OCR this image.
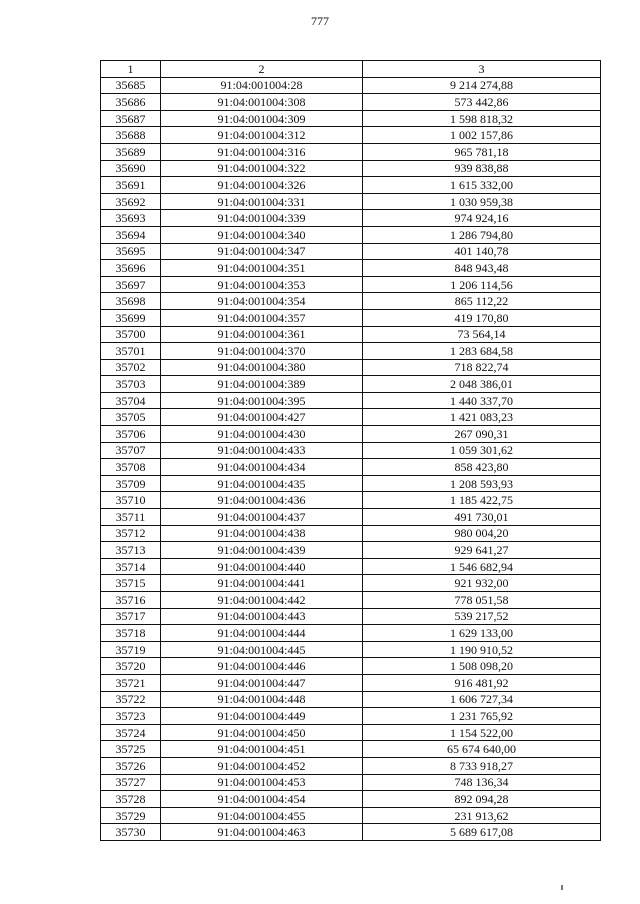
777
1	2	3
35685	91:04:001004:28	9 214 274,88
35686	91:04:001004:308	573 442,86
35687	91:04:001004:309	1 598 818,32
35688	91:04:001004:312	1 002 157,86
35689	91:04:001004:316	965 781,18
35690	91:04:001004:322	939 838,88
35691	91:04:001004:326	1 615 332,00
35692	91:04:001004:331	1 030 959,38
35693	91:04:001004:339	974 924,16
35694	91:04:001004:340	1 286 794,80
35695	91:04:001004:347	401 140,78
35696	91:04:001004:351	848 943,48
35697	91:04:001004:353	1 206 114,56
35698	91:04:001004:354	865 112,22
35699	91:04:001004:357	419 170,80
35700	91:04:001004:361	73 564,14
35701	91:04:001004:370	1 283 684,58
35702	91:04:001004:380	718 822,74
35703	91:04:001004:389	2 048 386,01
35704	91:04:001004:395	1 440 337,70
35705	91:04:001004:427	1 421 083,23
35706	91:04:001004:430	267 090,31
35707	91:04:001004:433	1 059 301,62
35708	91:04:001004:434	858 423,80
35709	91:04:001004:435	1 208 593,93
35710	91:04:001004:436	1 185 422,75
35711	91:04:001004:437	491 730,01
35712	91:04:001004:438	980 004,20
35713	91:04:001004:439	929 641,27
35714	91:04:001004:440	1 546 682,94
35715	91:04:001004:441	921 932,00
35716	91:04:001004:442	778 051,58
35717	91:04:001004:443	539 217,52
35718	91:04:001004:444	1 629 133,00
35719	91:04:001004:445	1 190 910,52
35720	91:04:001004:446	1 508 098,20
35721	91:04:001004:447	916 481,92
35722	91:04:001004:448	1 606 727,34
35723	91:04:001004:449	1 231 765,92
35724	91:04:001004:450	1 154 522,00
35725	91:04:001004:451	65 674 640,00
35726	91:04:001004:452	8 733 918,27
35727	91:04:001004:453	748 136,34
35728	91:04:001004:454	892 094,28
35729	91:04:001004:455	231 913,62
35730	91:04:001004:463	5 689 617,08
